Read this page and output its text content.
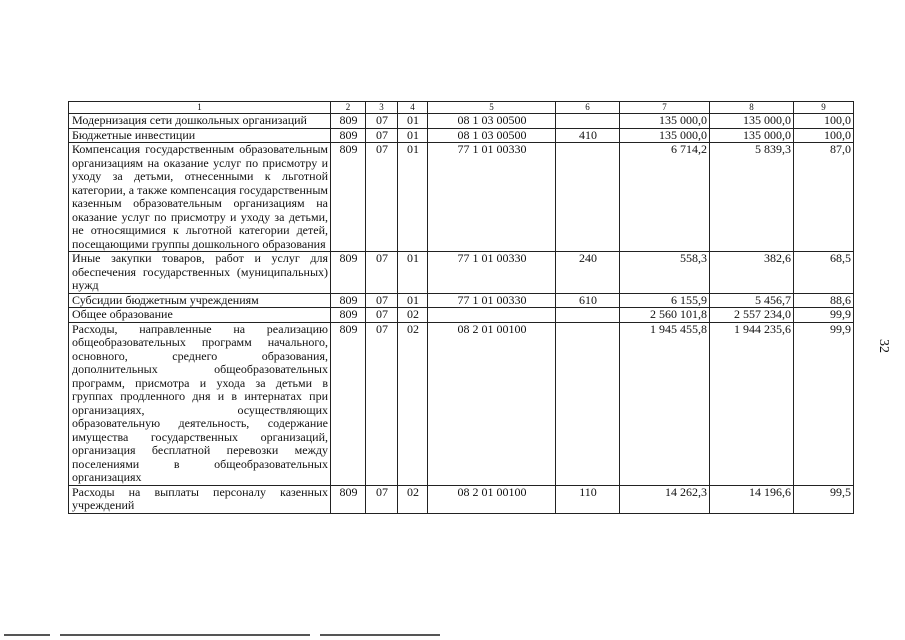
1	2	3	4	5	6	7	8	9
Модернизация сети дошкольных организаций	809	07	01	08 1 03 00500		135 000,0	135 000,0	100,0
Бюджетные инвестиции	809	07	01	08 1 03 00500	410	135 000,0	135 000,0	100,0
Компенсация государственным образовательным организациям на оказание услуг по присмотру и уходу за детьми, отнесенными к льготной категории, а также компенсация государственным казенным образовательным организациям на оказание услуг по присмотру и уходу за детьми, не относящимися к льготной категории детей, посещающими группы дошкольного образования	809	07	01	77 1 01 00330		6 714,2	5 839,3	87,0
Иные закупки товаров, работ и услуг для обеспечения государственных (муниципальных) нужд	809	07	01	77 1 01 00330	240	558,3	382,6	68,5
Субсидии бюджетным учреждениям	809	07	01	77 1 01 00330	610	6 155,9	5 456,7	88,6
Общее образование	809	07	02			2 560 101,8	2 557 234,0	99,9
Расходы, направленные на реализацию общеобразовательных программ начального, основного, среднего образования, дополнительных общеобразовательных программ, присмотра и ухода за детьми в группах продленного дня и в интернатах при организациях, осуществляющих образовательную деятельность, содержание имущества государственных организаций, организация бесплатной перевозки между поселениями в общеобразовательных организациях	809	07	02	08 2 01 00100		1 945 455,8	1 944 235,6	99,9
Расходы на выплаты персоналу казенных учреждений	809	07	02	08 2 01 00100	110	14 262,3	14 196,6	99,5
32
